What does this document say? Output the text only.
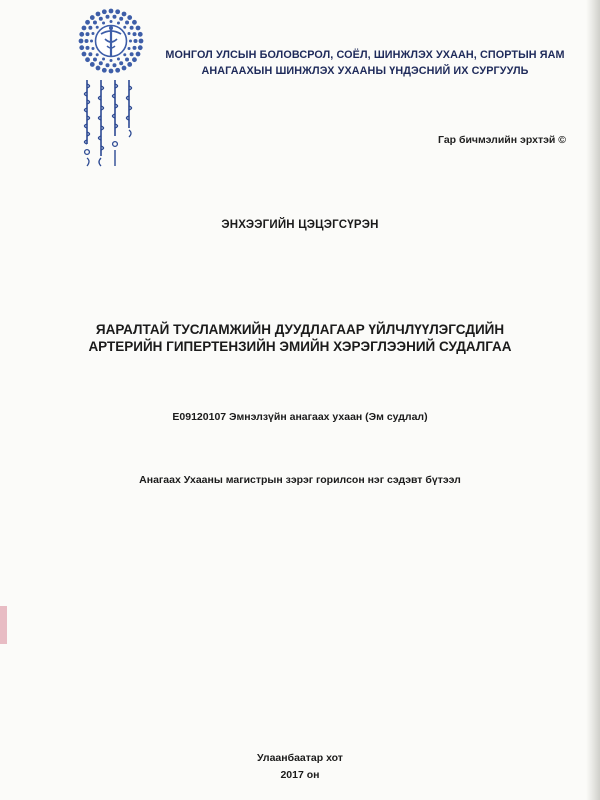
МОНГОЛ УЛСЫН БОЛОВСРОЛ, СОЁЛ, ШИНЖЛЭХ УХААН, СПОРТЫН ЯАМ
АНАГААХЫН ШИНЖЛЭХ УХААНЫ ҮНДЭСНИЙ ИХ СУРГУУЛЬ
Гар бичмэлийн эрхтэй ©
ЭНХЭЭГИЙН ЦЭЦЭГСҮРЭН
ЯАРАЛТАЙ ТУСЛАМЖИЙН ДУУДЛАГААР ҮЙЛЧЛҮҮЛЭГСДИЙН
АРТЕРИЙН ГИПЕРТЕНЗИЙН ЭМИЙН ХЭРЭГЛЭЭНИЙ СУДАЛГАА
E09120107 Эмнэлзүйн анагаах ухаан (Эм судлал)
Анагаах Ухааны магистрын зэрэг горилсон нэг сэдэвт бүтээл
Улаанбаатар хот
2017 он
